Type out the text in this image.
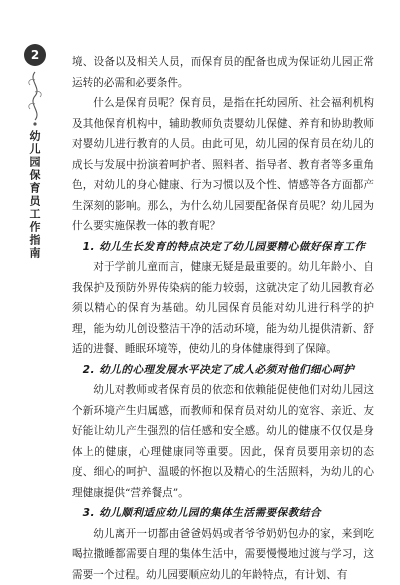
2
幼儿园保育员工作指南

境、设备以及相关人员，而保育员的配备也成为保证幼儿园正常运转的必需和必要条件。

什么是保育员呢？保育员，是指在托幼园所、社会福利机构及其他保育机构中，辅助教师负责婴幼儿保健、养育和协助教师对婴幼儿进行教育的人员。由此可见，幼儿园的保育员在幼儿的成长与发展中扮演着呵护者、照料者、指导者、教育者等多重角色，对幼儿的身心健康、行为习惯以及个性、情感等各方面都产生深刻的影响。那么，为什么幼儿园要配备保育员呢？幼儿园为什么要实施保教一体的教育呢？

1. 幼儿生长发育的特点决定了幼儿园要精心做好保育工作

对于学前儿童而言，健康无疑是最重要的。幼儿年龄小、自我保护及预防外界传染病的能力较弱，这就决定了幼儿园教育必须以精心的保育为基础。幼儿园保育员能对幼儿进行科学的护理，能为幼儿创设整洁干净的活动环境，能为幼儿提供清新、舒适的进餐、睡眠环境等，使幼儿的身体健康得到了保障。

2. 幼儿的心理发展水平决定了成人必须对他们细心呵护

幼儿对教师或者保育员的依恋和依赖能促使他们对幼儿园这个新环境产生归属感，而教师和保育员对幼儿的宽容、亲近、友好能让幼儿产生强烈的信任感和安全感。幼儿的健康不仅仅是身体上的健康，心理健康同等重要。因此，保育员要用亲切的态度、细心的呵护、温暖的怀抱以及精心的生活照料，为幼儿的心理健康提供“营养餐点”。

3. 幼儿顺利适应幼儿园的集体生活需要保教结合

幼儿离开一切都由爸爸妈妈或者爷爷奶奶包办的家，来到吃喝拉撒睡都需要自理的集体生活中，需要慢慢地过渡与学习，这需要一个过程。幼儿园要顺应幼儿的年龄特点，有计划、有
